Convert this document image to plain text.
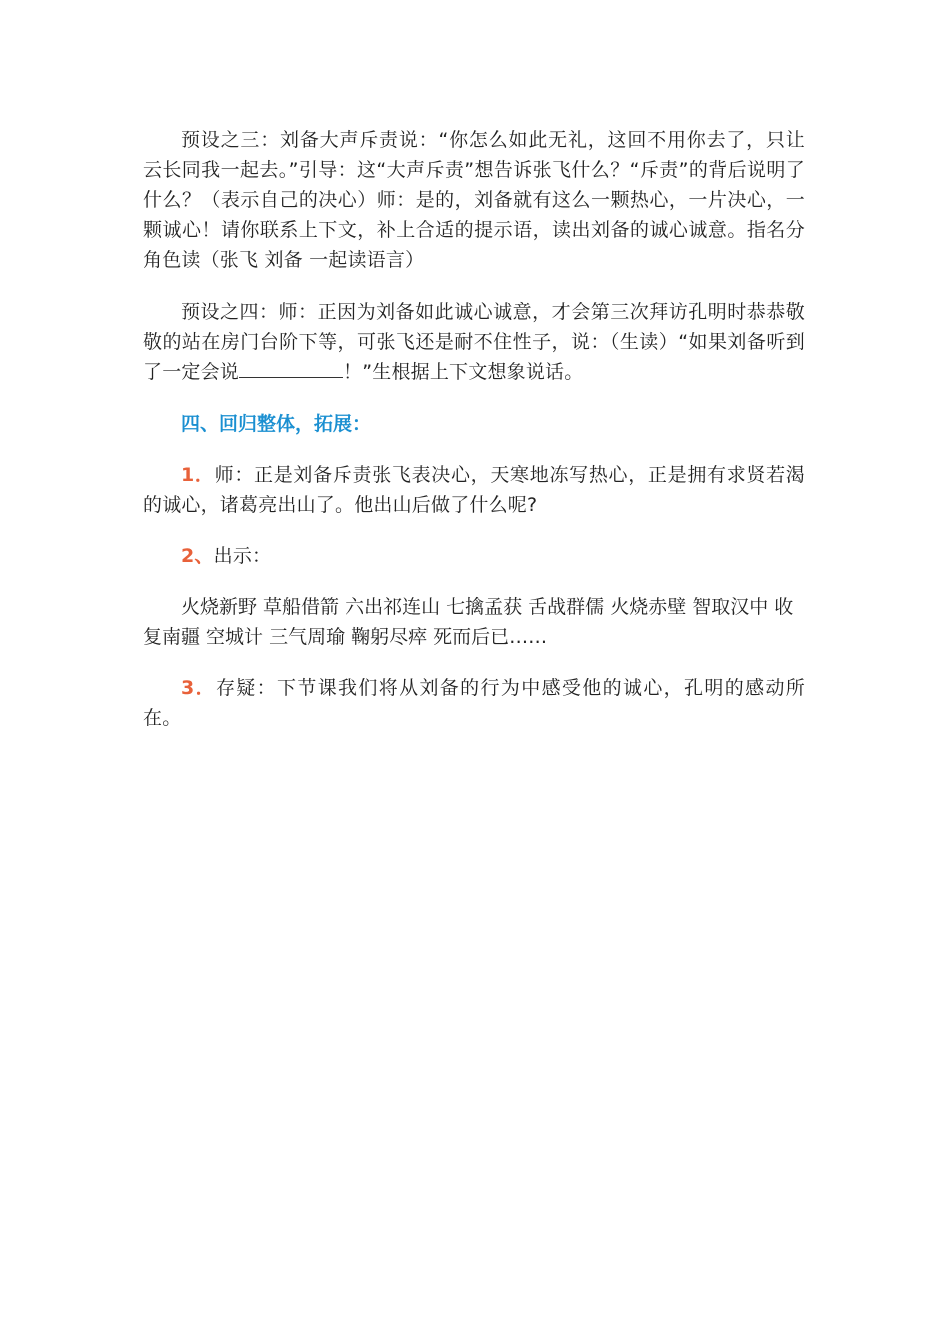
预设之三：刘备大声斥责说：“你怎么如此无礼，这回不用你去了，只让云长同我一起去。”引导：这“大声斥责”想告诉张飞什么？“斥责”的背后说明了什么？（表示自己的决心）师：是的，刘备就有这么一颗热心，一片决心，一颗诚心！请你联系上下文，补上合适的提示语，读出刘备的诚心诚意。指名分角色读（张飞 刘备 一起读语言）

预设之四：师：正因为刘备如此诚心诚意，才会第三次拜访孔明时恭恭敬敬的站在房门台阶下等，可张飞还是耐不住性子，说：（生读）“如果刘备听到了一定会说	！”生根据上下文想象说话。

四、回归整体，拓展：

1．师：正是刘备斥责张飞表决心，天寒地冻写热心，正是拥有求贤若渴的诚心，诸葛亮出山了。他出山后做了什么呢?

2、出示：

火烧新野 草船借箭 六出祁连山 七擒孟获 舌战群儒 火烧赤壁 智取汉中 收复南疆 空城计 三气周瑜 鞠躬尽瘁 死而后已……

3．存疑：下节课我们将从刘备的行为中感受他的诚心，孔明的感动所在。
